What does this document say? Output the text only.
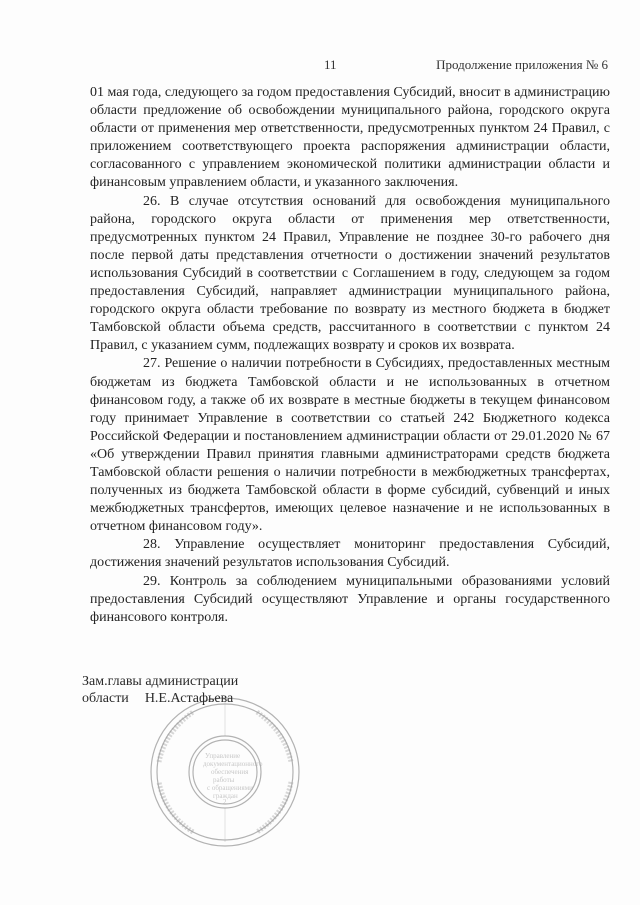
11	Продолжение приложения № 6

01 мая года, следующего за годом предоставления Субсидий, вносит в администрацию области предложение об освобождении муниципального района, городского округа области от применения мер ответственности, предусмотренных пунктом 24 Правил, с приложением соответствующего проекта распоряжения администрации области, согласованного с управлением экономической политики администрации области и финансовым управлением области, и указанного заключения.

26. В случае отсутствия оснований для освобождения муниципального района, городского округа области от применения мер ответственности, предусмотренных пунктом 24 Правил, Управление не позднее 30-го рабочего дня после первой даты представления отчетности о достижении значений результатов использования Субсидий в соответствии с Соглашением в году, следующем за годом предоставления Субсидий, направляет администрации муниципального района, городского округа области требование по возврату из местного бюджета в бюджет Тамбовской области объема средств, рассчитанного в соответствии с пунктом 24 Правил, с указанием сумм, подлежащих возврату и сроков их возврата.

27. Решение о наличии потребности в Субсидиях, предоставленных местным бюджетам из бюджета Тамбовской области и не использованных в отчетном финансовом году, а также об их возврате в местные бюджеты в текущем финансовом году принимает Управление в соответствии со статьей 242 Бюджетного кодекса Российской Федерации и постановлением администрации области от 29.01.2020 № 67 «Об утверждении Правил принятия главными администраторами средств бюджета Тамбовской области решения о наличии потребности в межбюджетных трансфертах, полученных из бюджета Тамбовской области в форме субсидий, субвенций и иных межбюджетных трансфертов, имеющих целевое назначение и не использованных в отчетном финансовом году».

28. Управление осуществляет мониторинг предоставления Субсидий, достижения значений результатов использования Субсидий.

29. Контроль за соблюдением муниципальными образованиями условий предоставления Субсидий осуществляют Управление и органы государственного финансового контроля.

Управление
документационного
обеспечения
работы
с обращениями
граждан
2
Зам.главы администрации
области Н.Е.Астафьева
